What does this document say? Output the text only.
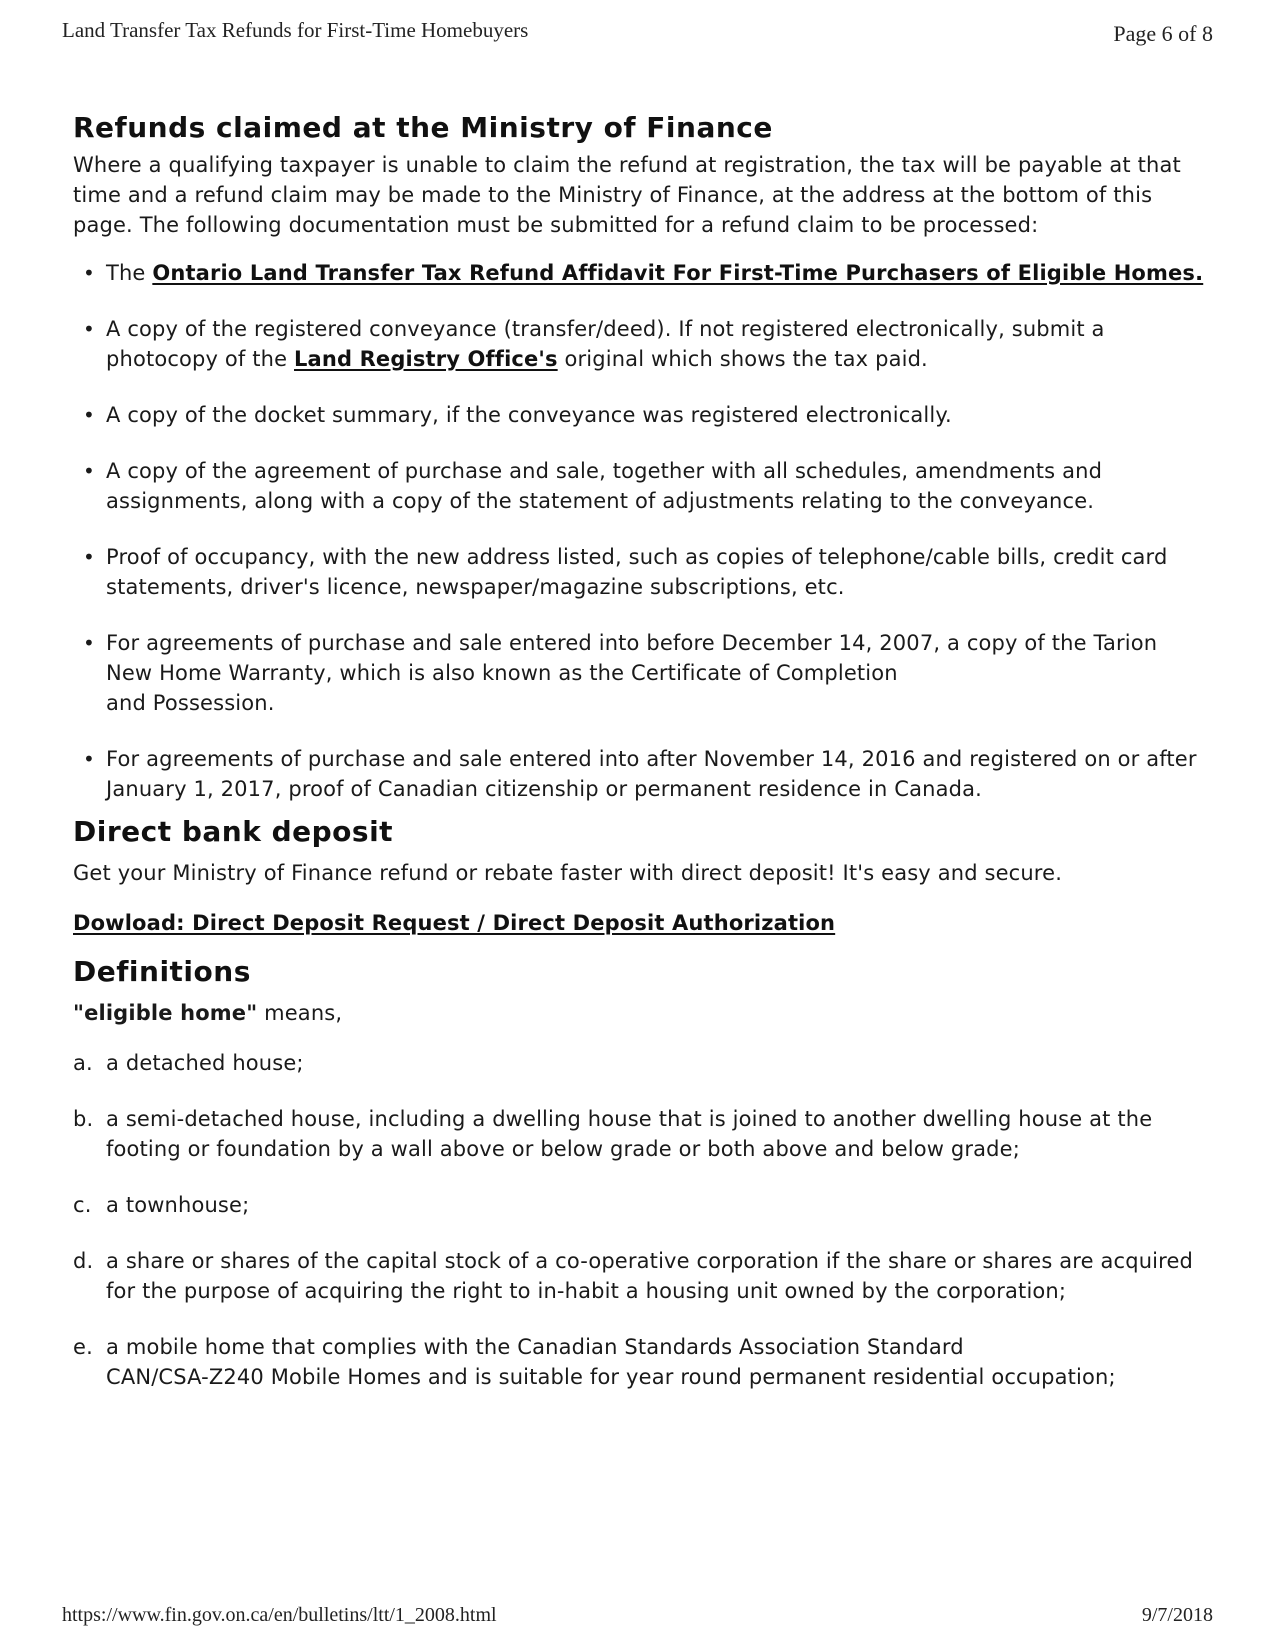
Land Transfer Tax Refunds for First-Time Homebuyers	Page 6 of 8
Refunds claimed at the Ministry of Finance

Where a qualifying taxpayer is unable to claim the refund at registration, the tax will be payable at that time and a refund claim may be made to the Ministry of Finance, at the address at the bottom of this page. The following documentation must be submitted for a refund claim to be processed:

• The Ontario Land Transfer Tax Refund Affidavit For First-Time Purchasers of Eligible Homes.
• A copy of the registered conveyance (transfer/deed). If not registered electronically, submit a photocopy of the Land Registry Office's original which shows the tax paid.
• A copy of the docket summary, if the conveyance was registered electronically.
• A copy of the agreement of purchase and sale, together with all schedules, amendments and assignments, along with a copy of the statement of adjustments relating to the conveyance.
• Proof of occupancy, with the new address listed, such as copies of telephone/cable bills, credit card statements, driver's licence, newspaper/magazine subscriptions, etc.
• For agreements of purchase and sale entered into before December 14, 2007, a copy of the Tarion New Home Warranty, which is also known as the Certificate of Completion
and Possession.
• For agreements of purchase and sale entered into after November 14, 2016 and registered on or after January 1, 2017, proof of Canadian citizenship or permanent residence in Canada.
Direct bank deposit

Get your Ministry of Finance refund or rebate faster with direct deposit! It's easy and secure.

Dowload: Direct Deposit Request / Direct Deposit Authorization

Definitions

"eligible home" means,

a. a detached house;
b. a semi-detached house, including a dwelling house that is joined to another dwelling house at the footing or foundation by a wall above or below grade or both above and below grade;
c. a townhouse;
d. a share or shares of the capital stock of a co-operative corporation if the share or shares are acquired for the purpose of acquiring the right to in-habit a housing unit owned by the corporation;
e. a mobile home that complies with the Canadian Standards Association Standard
CAN/CSA-Z240 Mobile Homes and is suitable for year round permanent residential occupation;
https://www.fin.gov.on.ca/en/bulletins/ltt/1_2008.html	9/7/2018
